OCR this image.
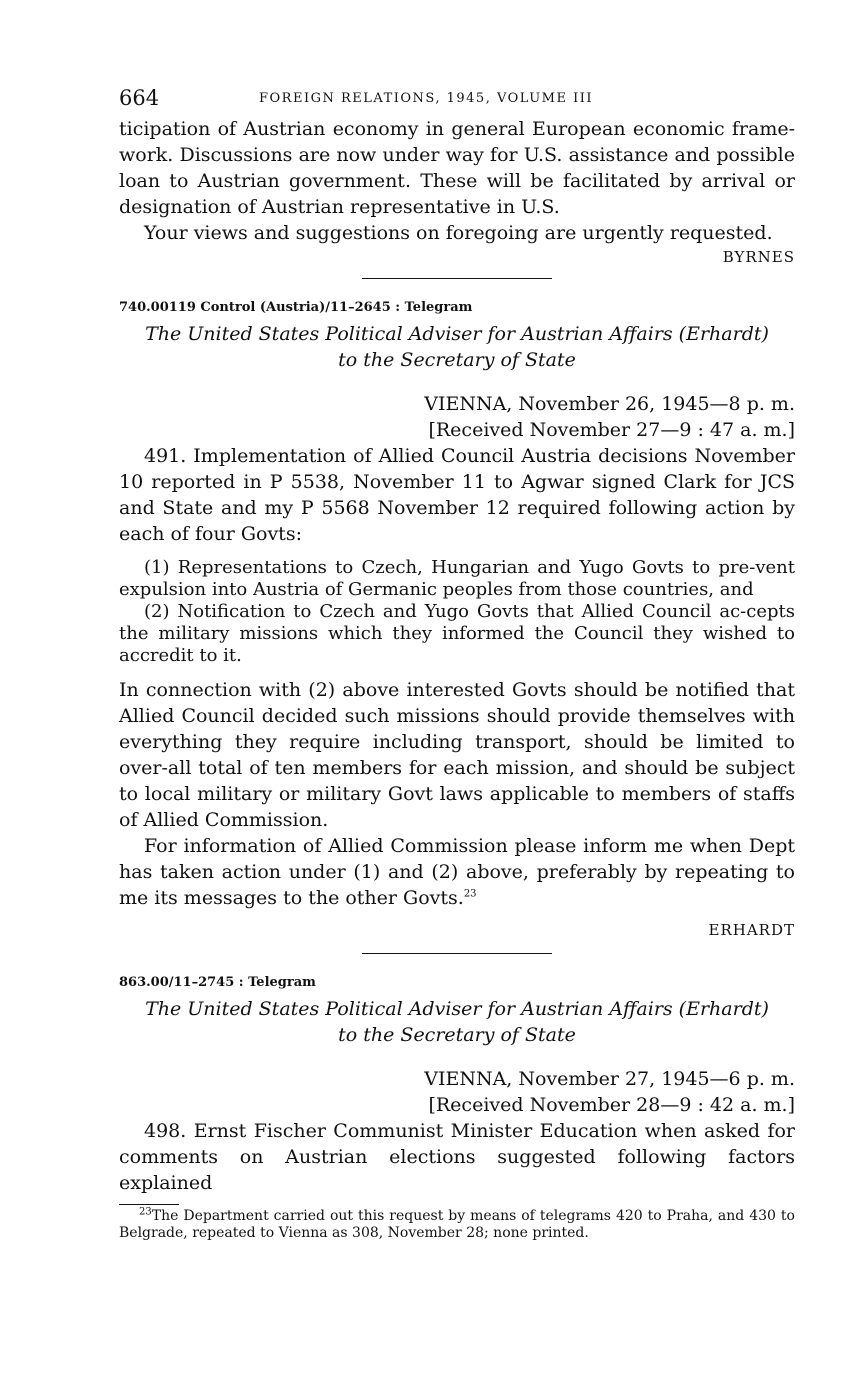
664	FOREIGN RELATIONS, 1945, VOLUME III

ticipation of Austrian economy in general European economic frame-work. Discussions are now under way for U.S. assistance and possible loan to Austrian government. These will be facilitated by arrival or designation of Austrian representative in U.S.

Your views and suggestions on foregoing are urgently requested.

BYRNES

740.00119 Control (Austria)/11–2645 : Telegram

The United States Political Adviser for Austrian Affairs (Erhardt)

to the Secretary of State

VIENNA, November 26, 1945—8 p. m.

[Received November 27—9 : 47 a. m.]

491. Implementation of Allied Council Austria decisions November 10 reported in P 5538, November 11 to Agwar signed Clark for JCS and State and my P 5568 November 12 required following action by each of four Govts:

(1) Representations to Czech, Hungarian and Yugo Govts to pre-vent expulsion into Austria of Germanic peoples from those countries, and

(2) Notification to Czech and Yugo Govts that Allied Council ac-cepts the military missions which they informed the Council they wished to accredit to it.

In connection with (2) above interested Govts should be notified that Allied Council decided such missions should provide themselves with everything they require including transport, should be limited to over-all total of ten members for each mission, and should be subject to local military or military Govt laws applicable to members of staffs of Allied Commission.

For information of Allied Commission please inform me when Dept has taken action under (1) and (2) above, preferably by repeating to me its messages to the other Govts.$^{23}$

ERHARDT

863.00/11–2745 : Telegram

The United States Political Adviser for Austrian Affairs (Erhardt)

to the Secretary of State

VIENNA, November 27, 1945—6 p. m.

[Received November 28—9 : 42 a. m.]

498. Ernst Fischer Communist Minister Education when asked for comments on Austrian elections suggested following factors explained

$^{23}$The Department carried out this request by means of telegrams 420 to Praha, and 430 to Belgrade, repeated to Vienna as 308, November 28; none printed.
